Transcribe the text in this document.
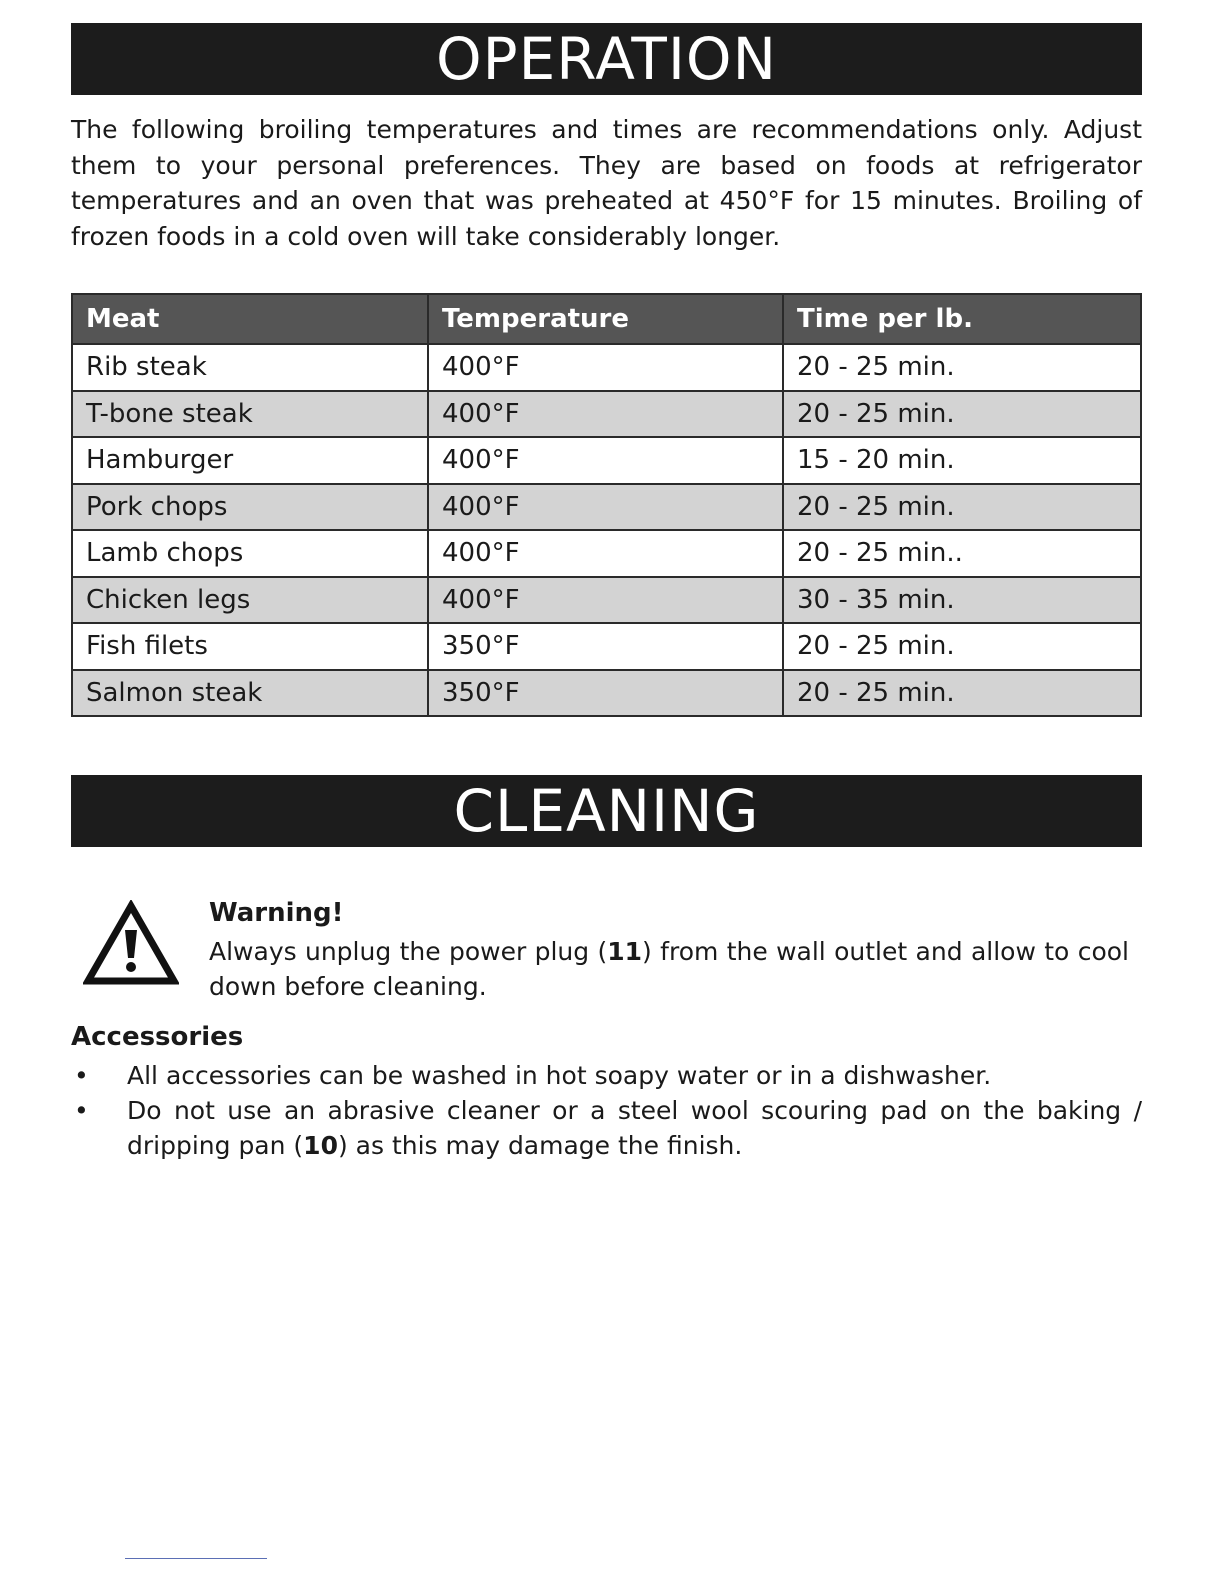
OPERATION

The following broiling temperatures and times are recommendations only. Adjust them to your personal preferences. They are based on foods at refrigerator temperatures and an oven that was preheated at 450°F for 15 minutes. Broiling of frozen foods in a cold oven will take considerably longer.

Meat	Temperature	Time per lb.
Rib steak	400°F	20 - 25 min.
T-bone steak	400°F	20 - 25 min.
Hamburger	400°F	15 - 20 min.
Pork chops	400°F	20 - 25 min.
Lamb chops	400°F	20 - 25 min..
Chicken legs	400°F	30 - 35 min.
Fish filets	350°F	20 - 25 min.
Salmon steak	350°F	20 - 25 min.
CLEANING

Warning!

Always unplug the power plug (11) from the wall outlet and allow to cool down before cleaning.

Accessories

• All accessories can be washed in hot soapy water or in a dishwasher.
• Do not use an abrasive cleaner or a steel wool scouring pad on the baking / dripping pan (10) as this may damage the finish.
